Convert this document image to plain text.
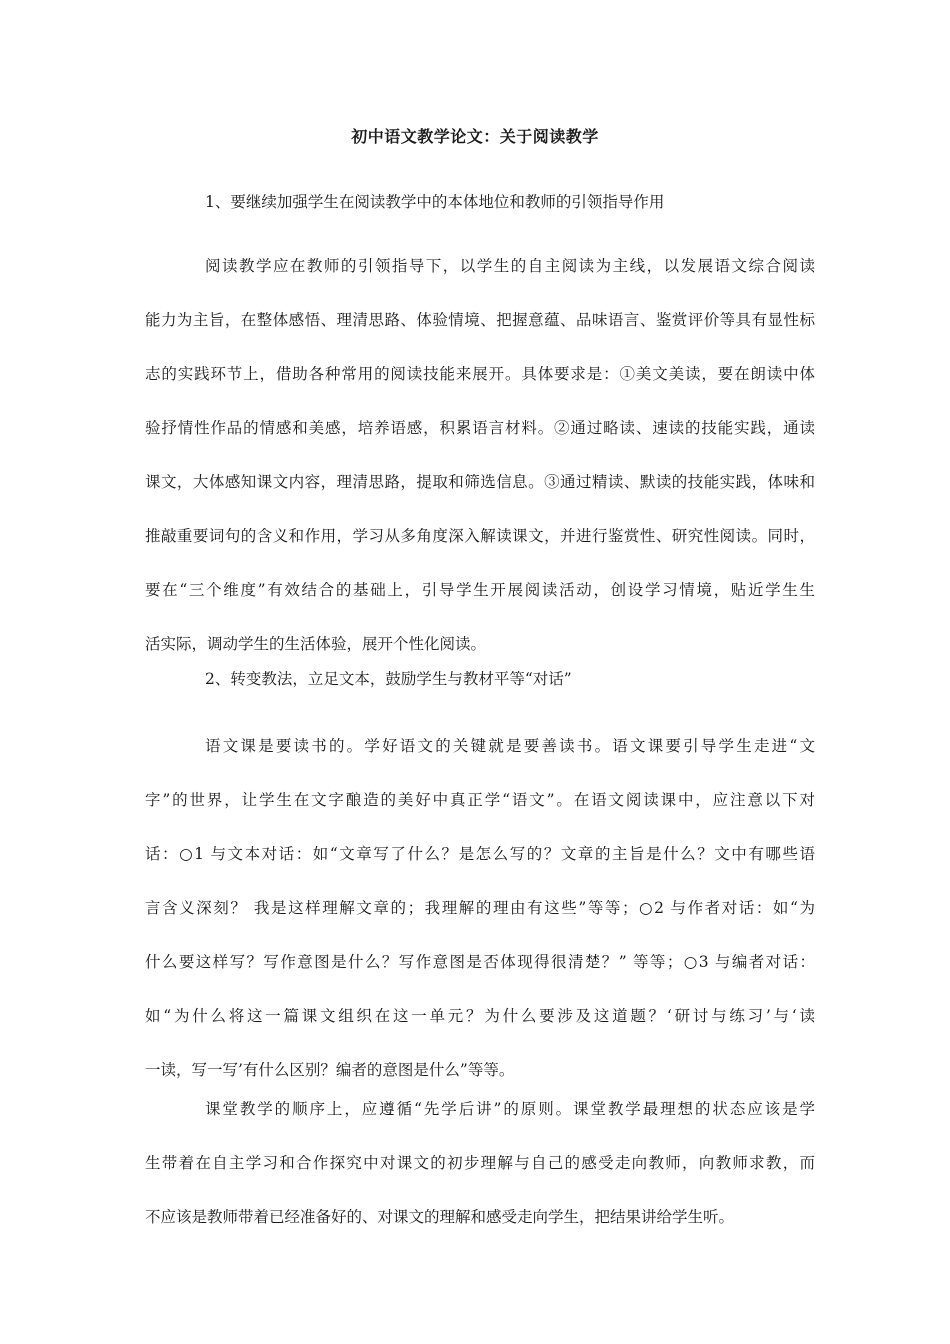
初中语文教学论文：关于阅读教学
1、要继续加强学生在阅读教学中的本体地位和教师的引领指导作用
阅读教学应在教师的引领指导下，以学生的自主阅读为主线，以发展语文综合阅读
能力为主旨，在整体感悟、理清思路、体验情境、把握意蕴、品味语言、鉴赏评价等具有显性标
志的实践环节上，借助各种常用的阅读技能来展开。具体要求是：①美文美读，要在朗读中体
验抒情性作品的情感和美感，培养语感，积累语言材料。②通过略读、速读的技能实践，通读
课文，大体感知课文内容，理清思路，提取和筛选信息。③通过精读、默读的技能实践，体味和
推敲重要词句的含义和作用，学习从多角度深入解读课文，并进行鉴赏性、研究性阅读。同时，
要在“三个维度”有效结合的基础上，引导学生开展阅读活动，创设学习情境，贴近学生生
活实际，调动学生的生活体验，展开个性化阅读。
2、转变教法，立足文本，鼓励学生与教材平等“对话”
语文课是要读书的。学好语文的关键就是要善读书。语文课要引导学生走进“文
字”的世界，让学生在文字酿造的美好中真正学“语文”。在语文阅读课中，应注意以下对
话：○1 与文本对话：如“文章写了什么？是怎么写的？文章的主旨是什么？文中有哪些语
言含义深刻？ 我是这样理解文章的；我理解的理由有这些”等等；○2 与作者对话：如“为
什么要这样写？写作意图是什么？写作意图是否体现得很清楚？” 等等；○3 与编者对话：
如“为什么将这一篇课文组织在这一单元？为什么要涉及这道题？‘研讨与练习’与‘读
一读，写一写’有什么区别？编者的意图是什么”等等。
课堂教学的顺序上，应遵循“先学后讲”的原则。课堂教学最理想的状态应该是学
生带着在自主学习和合作探究中对课文的初步理解与自己的感受走向教师，向教师求教，而
不应该是教师带着已经准备好的、对课文的理解和感受走向学生，把结果讲给学生听。
